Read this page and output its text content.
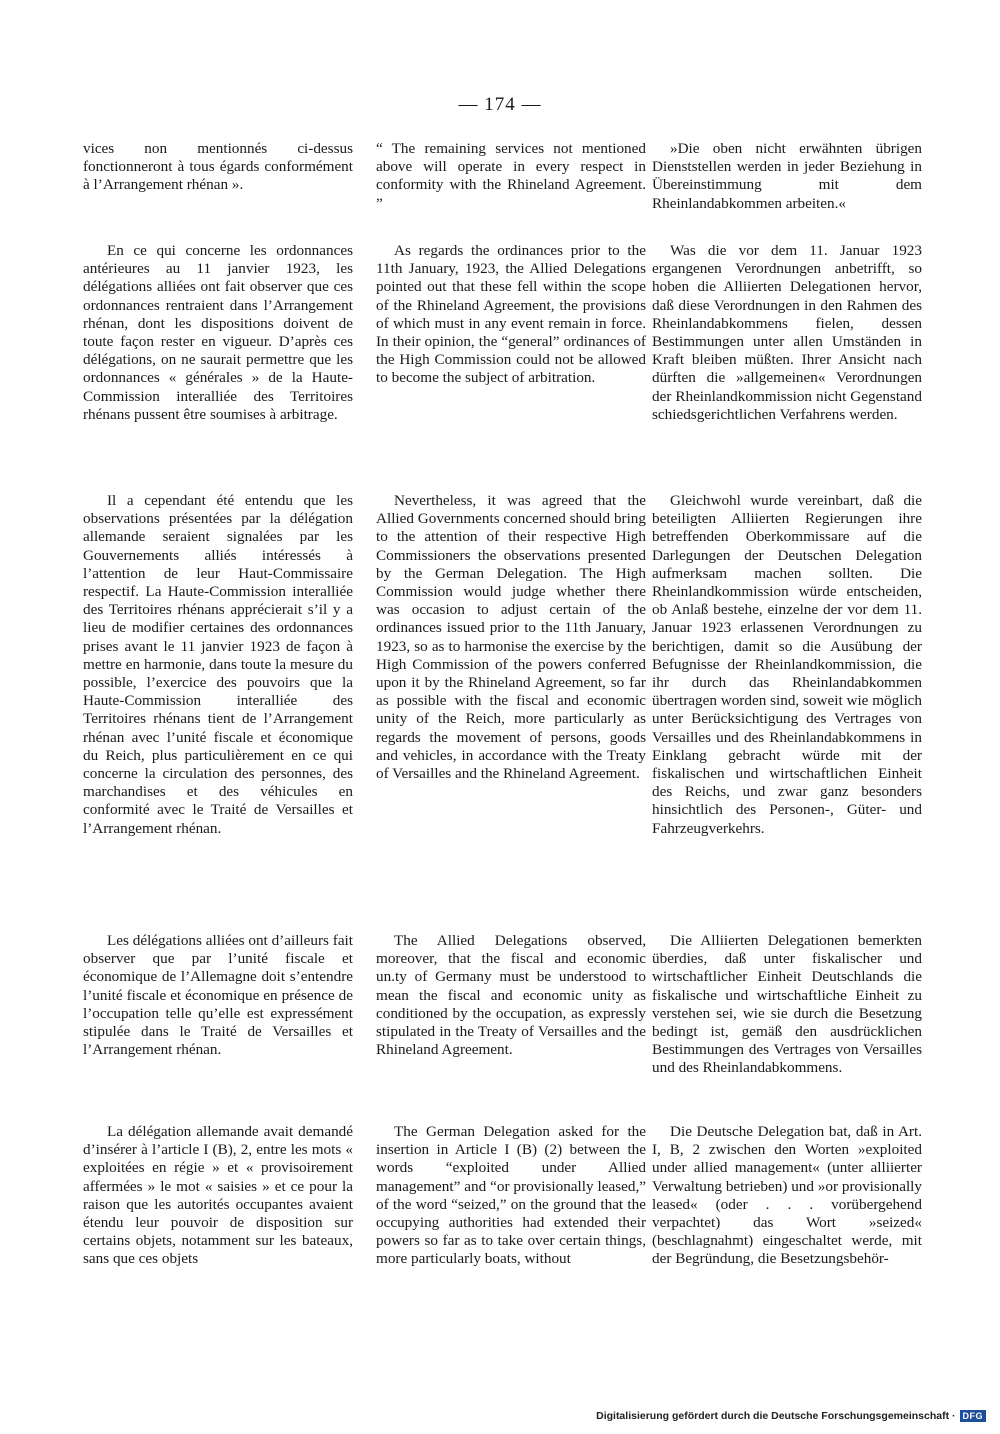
— 174 —

vices non mentionnés ci-dessus fonctionneront à tous égards conformément à l’Arrangement rhénan ».

En ce qui concerne les ordonnances antérieures au 11 janvier 1923, les délégations alliées ont fait observer que ces ordonnances rentraient dans l’Arrangement rhénan, dont les dispositions doivent de toute façon rester en vigueur. D’après ces délégations, on ne saurait permettre que les ordonnances « générales » de la Haute-Commission interalliée des Territoires rhénans pussent être soumises à arbitrage.

Il a cependant été entendu que les observations présentées par la délégation allemande seraient signalées par les Gouvernements alliés intéressés à l’attention de leur Haut-Commissaire respectif. La Haute-Commission interalliée des Territoires rhénans apprécierait s’il y a lieu de modifier certaines des ordonnances prises avant le 11 janvier 1923 de façon à mettre en harmonie, dans toute la mesure du possible, l’exercice des pouvoirs que la Haute-Commission interalliée des Territoires rhénans tient de l’Arrangement rhénan avec l’unité fiscale et économique du Reich, plus particulièrement en ce qui concerne la circulation des personnes, des marchandises et des véhicules en conformité avec le Traité de Versailles et l’Arrangement rhénan.

Les délégations alliées ont d’ailleurs fait observer que par l’unité fiscale et économique de l’Allemagne doit s’entendre l’unité fiscale et économique en présence de l’occupation telle qu’elle est expressément stipulée dans le Traité de Versailles et l’Arrangement rhénan.

La délégation allemande avait demandé d’insérer à l’article I (B), 2, entre les mots « exploitées en régie » et « provisoirement affermées » le mot « saisies » et ce pour la raison que les autorités occupantes avaient étendu leur pouvoir de disposition sur certains objets, notamment sur les bateaux, sans que ces objets

“ The remaining services not mentioned above will operate in every respect in conformity with the Rhineland Agreement. ”

As regards the ordinances prior to the 11th January, 1923, the Allied Delegations pointed out that these fell within the scope of the Rhineland Agreement, the provisions of which must in any event remain in force. In their opinion, the “general” ordinances of the High Commission could not be allowed to become the subject of arbitration.

Nevertheless, it was agreed that the Allied Governments concerned should bring to the attention of their respective High Commissioners the observations presented by the German Delegation. The High Commission would judge whether there was occasion to adjust certain of the ordinances issued prior to the 11th January, 1923, so as to harmonise the exercise by the High Commission of the powers conferred upon it by the Rhineland Agreement, so far as possible with the fiscal and economic unity of the Reich, more particularly as regards the movement of persons, goods and vehicles, in accordance with the Treaty of Versailles and the Rhineland Agreement.

The Allied Delegations observed, moreover, that the fiscal and economic un.ty of Germany must be understood to mean the fiscal and economic unity as conditioned by the occupation, as expressly stipulated in the Treaty of Versailles and the Rhineland Agreement.

The German Delegation asked for the insertion in Article I (B) (2) between the words “exploited under Allied management” and “or provisionally leased,” of the word “seized,” on the ground that the occupying authorities had extended their powers so far as to take over certain things, more particularly boats, without

»Die oben nicht erwähnten übrigen Dienststellen werden in jeder Beziehung in Übereinstimmung mit dem Rheinlandabkommen arbeiten.«

Was die vor dem 11. Januar 1923 ergangenen Verordnungen anbetrifft, so hoben die Alliierten Delegationen hervor, daß diese Verordnungen in den Rahmen des Rheinlandabkommens fielen, dessen Bestimmungen unter allen Umständen in Kraft bleiben müßten. Ihrer Ansicht nach dürften die »allgemeinen« Verordnungen der Rheinlandkommission nicht Gegenstand schiedsgerichtlichen Verfahrens werden.

Gleichwohl wurde vereinbart, daß die beteiligten Alliierten Regierungen ihre betreffenden Oberkommissare auf die Darlegungen der Deutschen Delegation aufmerksam machen sollten. Die Rheinlandkommission würde entscheiden, ob Anlaß bestehe, einzelne der vor dem 11. Januar 1923 erlassenen Verordnungen zu berichtigen, damit so die Ausübung der Befugnisse der Rheinlandkommission, die ihr durch das Rheinlandabkommen übertragen worden sind, soweit wie möglich unter Berücksichtigung des Vertrages von Versailles und des Rheinlandabkommens in Einklang gebracht würde mit der fiskalischen und wirtschaftlichen Einheit des Reichs, und zwar ganz besonders hinsichtlich des Personen-, Güter- und Fahrzeugverkehrs.

Die Alliierten Delegationen bemerkten überdies, daß unter fiskalischer und wirtschaftlicher Einheit Deutschlands die fiskalische und wirtschaftliche Einheit zu verstehen sei, wie sie durch die Besetzung bedingt ist, gemäß den ausdrücklichen Bestimmungen des Vertrages von Versailles und des Rheinlandabkommens.

Die Deutsche Delegation bat, daß in Art. I, B, 2 zwischen den Worten »exploited under allied management« (unter alliierter Verwaltung betrieben) und »or provisionally leased« (oder . . . vorübergehend verpachtet) das Wort »seized« (beschlagnahmt) eingeschaltet werde, mit der Begründung, die Besetzungsbehör-

Digitalisierung gefördert durch die Deutsche Forschungsgemeinschaft · DFG
